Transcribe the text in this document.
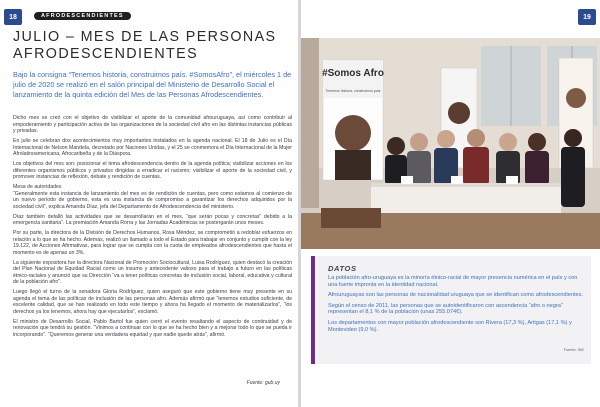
18	AFRODESCENDIENTES
JULIO – MES DE LAS PERSONAS AFRODESCENDIENTES
Bajo la consigna “Tenemos historia, construimos país. #SomosAfro”, el miércoles 1 de julio de 2020 se realizó en el salón principal del Ministerio de Desarrollo Social el lanzamiento de la quinta edición del Mes de las Personas Afrodescendientes.

Dicho mes se creó con el objetivo de visibilizar el aporte de la comunidad afrouruguaya, así como contribuir al empoderamiento y participación activa de las organizaciones de la sociedad civil afro en las distintas instancias públicas y privadas.

En julio se celebran dos acontecimientos muy importantes instalados en la agenda nacional. El 18 de Julio es el Día Internacional de Nelson Mandela, decretado por Naciones Unidas, y el 25 se conmemora el Día Internacional de la Mujer Afrolatinoamericana, Afrocaribeña y de la Diáspora.

Los objetivos del mes son: posicionar el tema afrodescendencia dentro de la agenda política; visibilizar acciones en los diferentes organismos públicos y privados dirigidas a erradicar el racismo; visibilizar el aporte de la sociedad civil, y promover instancias de reflexión, debate y rendición de cuentas.

Mesa de autoridades
“Generalmente esta instancia de lanzamiento del mes es de rendición de cuentas, pero como estamos al comienzo de un nuevo período de gobierno, esta es una instancia de compromiso a garantizar los derechos adquiridos por la sociedad civil”, explica Amanda Díaz, jefa del Departamento de Afrodescendencia del ministerio.

Díaz también detalló las actividades que se desarrollarán en el mes, “que serán pocas y concretas” debido a la emergencia sanitaria”. La premiación Amanda Rorra y las Jornadas Académicas se postergarán unos meses.

Por su parte, la directora de la División de Derechos Humanos, Rosa Méndez, se comprometió a redoblar esfuerzos en relación a lo que se ha hecho. Además, realizó un llamado a todo el Estado para trabajar en conjunto y cumplir con la ley 19.122, de Acciones Afirmativas, para lograr que se cumpla con la cuota de empleados afrodescendientes que hasta el momento es de apenas un 3%.

La siguiente expositora fue la directora Nacional de Promoción Sociocultural, Luisa Rodríguez, quien destacó la creación del Plan Nacional de Equidad Racial como un insumo y antecedente valioso para el trabajo a futuro en las políticas étnico-raciales y anunció que su Dirección “va a tener políticas concretas de inclusión social, laboral, educativa y cultural de la población afro”.

Luego llegó el turno de la senadora Gloria Rodríguez, quien aseguró que este gobierno tiene muy presente en su agenda el tema de las políticas de inclusión de las personas afro. Además afirmó que “tenemos estudios suficiente, de excelente calidad, que se han realizado en todo este tiempo y ahora ha llegado el momento de materializarlos”, “los derechos ya los tenemos, ahora hay que ejecutarlos”, exclamó.

El ministro de Desarrollo Social, Pablo Bartol fue quien cerró el evento resaltando el aspecto de continuidad y de renovación que tendrá su gestión. “Vinimos a continuar con lo que se ha hecho bien y a mejorar todo lo que se pueda ir incorporando”. “Queremos generar una verdadera equidad y que nadie quede atrás”, afirmó.

Fuente: gub.uy
19
#Somos Afro
Tenemos historia, construimos país
DATOS

La población afro-uruguaya es la minoría étnico-racial de mayor presencia numérica en el país y con una fuerte impronta en la identidad nacional.

Afrouruguayas son las personas de nacionalidad uruguaya que se identifican como afrodescendientes.

Según el censo de 2011, las personas que se autoidentificaron con ascendencia “afro o negra” representan el 8,1 % de la población (unas 255.074€).

Los departamentos con mayor población afrodescendiente son Rivera (17,3 %), Artigas (17,1 %) y Montevideo (9,0 %).

Fuente: INE
